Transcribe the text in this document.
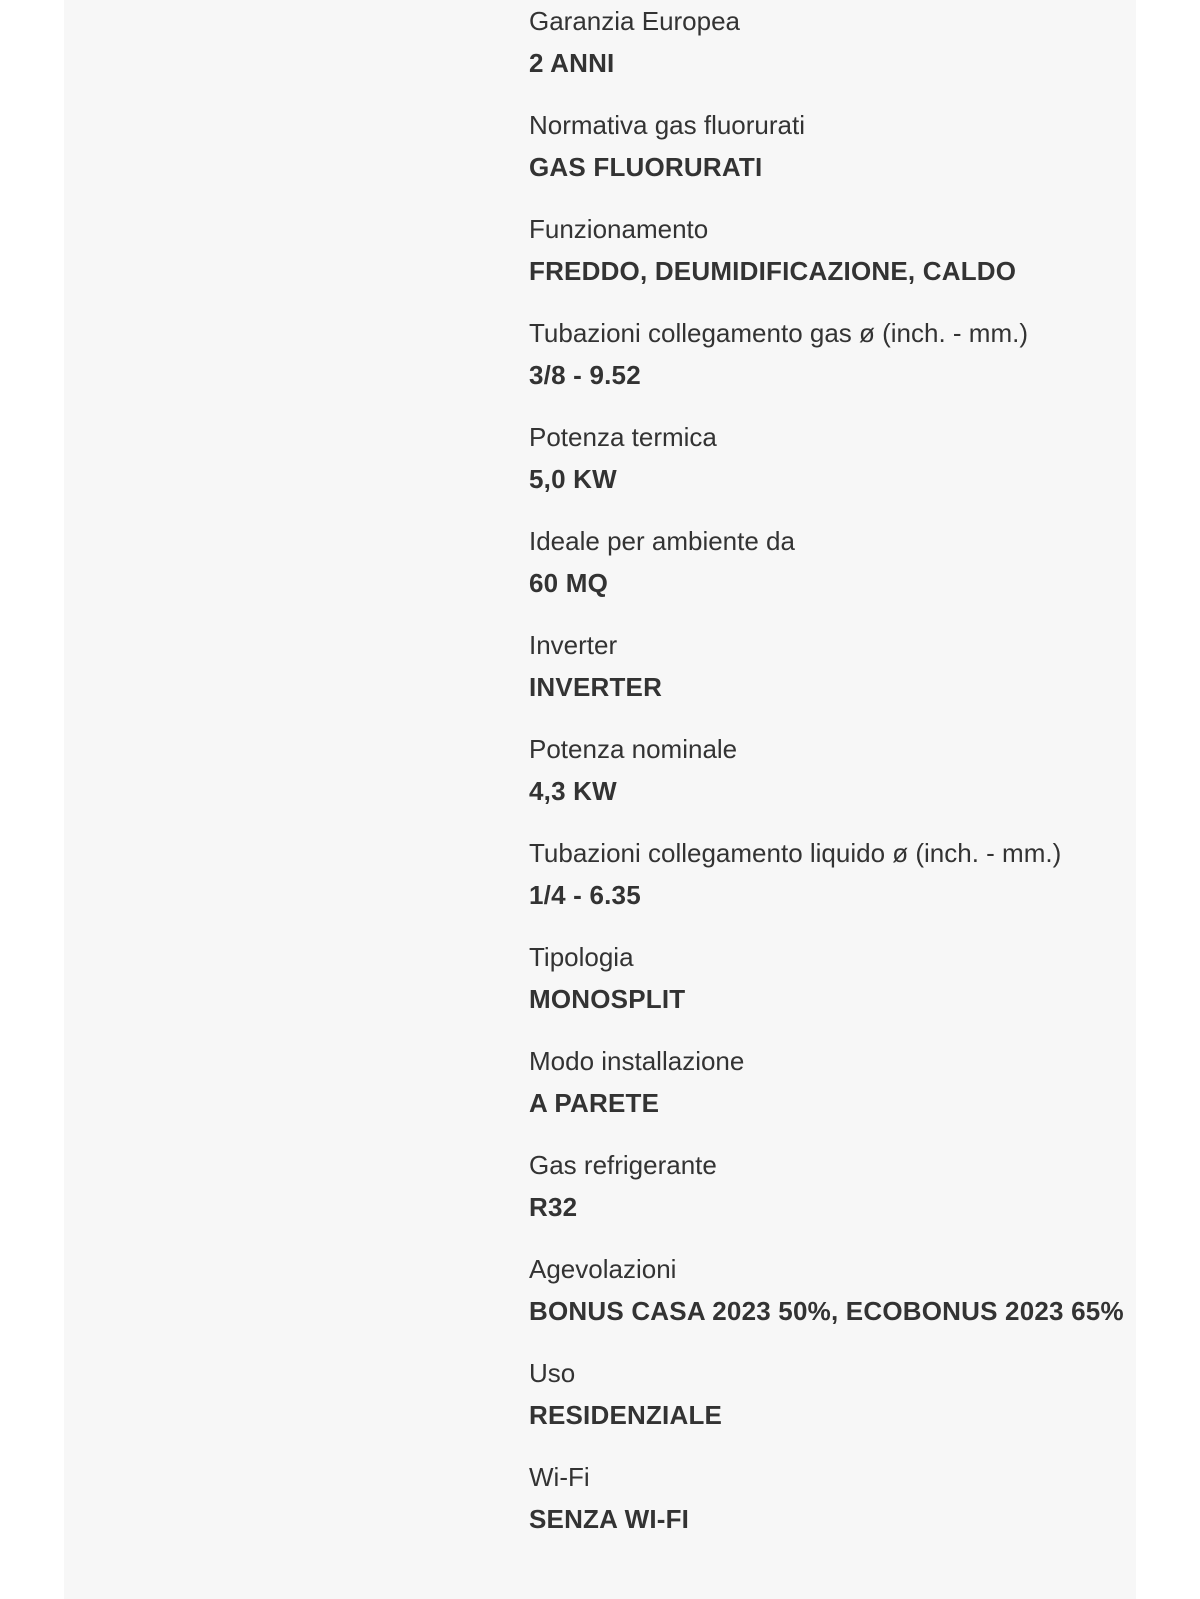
Garanzia Europea
2 ANNI
Normativa gas fluorurati
GAS FLUORURATI
Funzionamento
FREDDO, DEUMIDIFICAZIONE, CALDO
Tubazioni collegamento gas ø (inch. - mm.)
3/8 - 9.52
Potenza termica
5,0 KW
Ideale per ambiente da
60 MQ
Inverter
INVERTER
Potenza nominale
4,3 KW
Tubazioni collegamento liquido ø (inch. - mm.)
1/4 - 6.35
Tipologia
MONOSPLIT
Modo installazione
A PARETE
Gas refrigerante
R32
Agevolazioni
BONUS CASA 2023 50%, ECOBONUS 2023 65%
Uso
RESIDENZIALE
Wi-Fi
SENZA WI-FI
